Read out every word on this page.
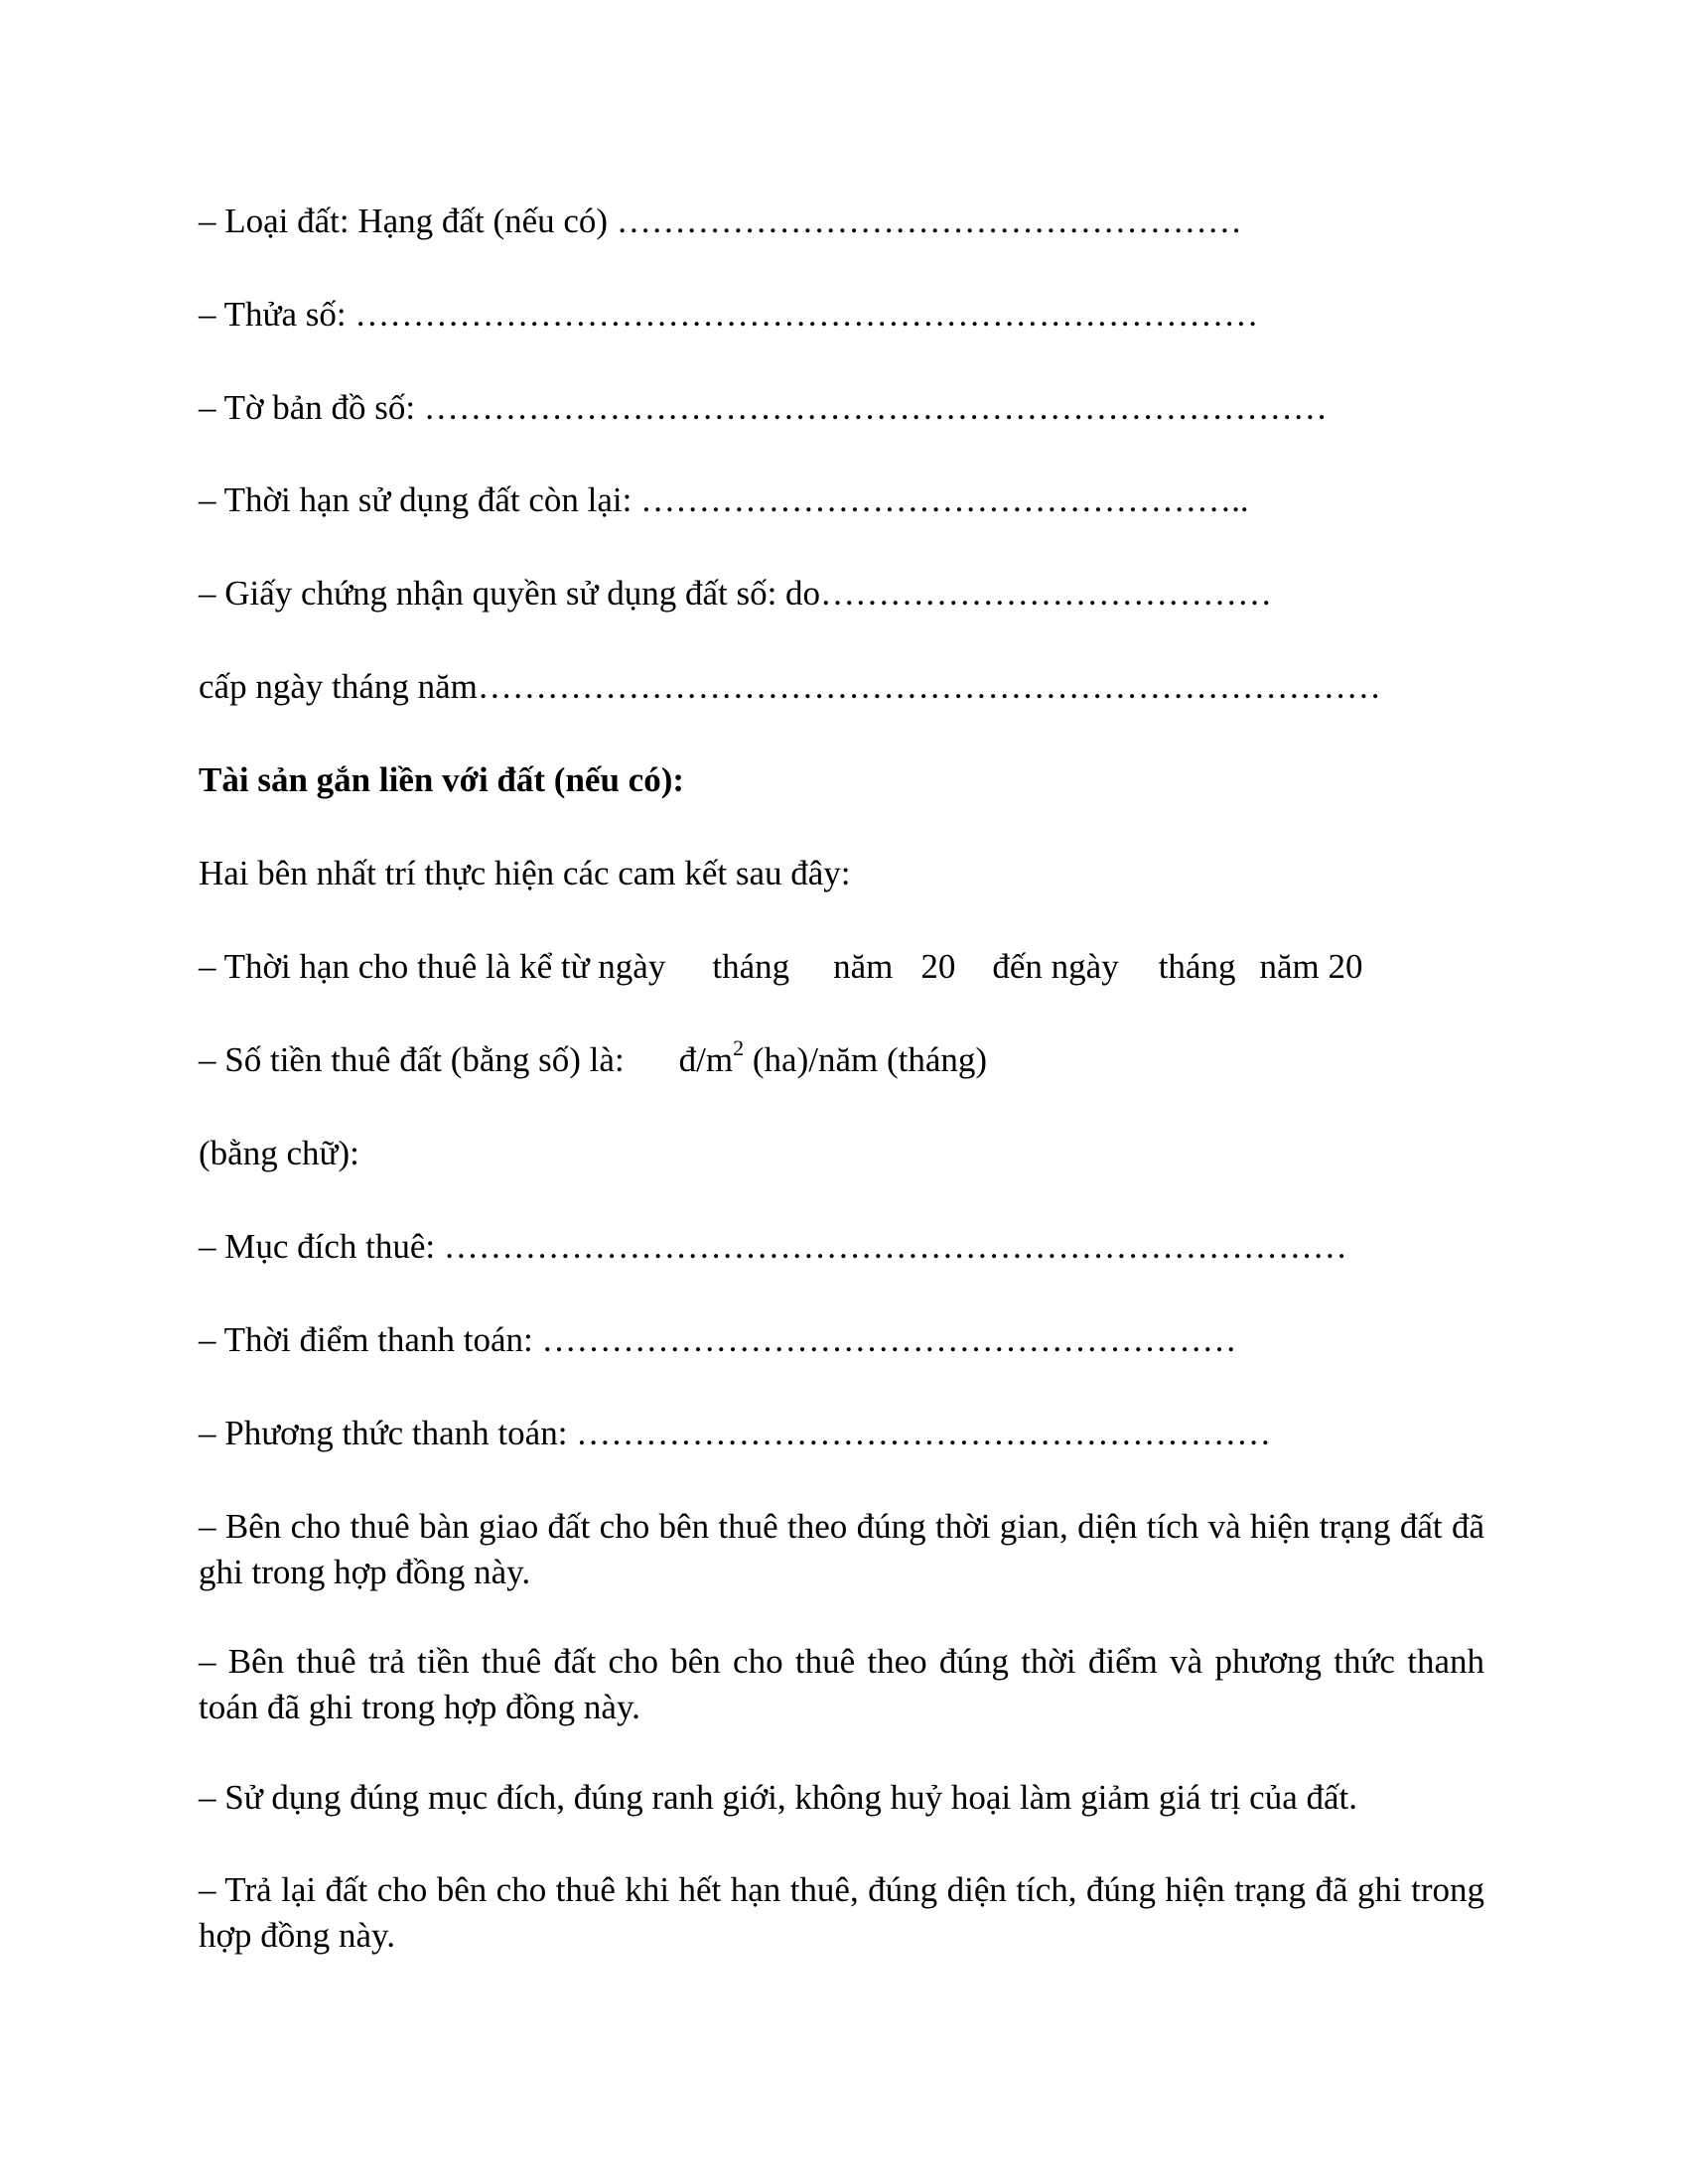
– Loại đất: Hạng đất (nếu có) ………………………………………………

– Thửa số: ……………………………………………………………………

– Tờ bản đồ số: ……………………………………………………………………

– Thời hạn sử dụng đất còn lại: ……………………………………………..

– Giấy chứng nhận quyền sử dụng đất số: do…………………………………

cấp ngày tháng năm……………………………………………………………………

Tài sản gắn liền với đất (nếu có):

Hai bên nhất trí thực hiện các cam kết sau đây:

– Thời hạn cho thuê là kể từ ngày tháng năm 20 đến ngày tháng năm 20

– Số tiền thuê đất (bằng số) là: $đ/m^2$ (ha)/năm (tháng)

(bằng chữ):

– Mục đích thuê: ……………………………………………………………………

– Thời điểm thanh toán: ……………………………………………………

– Phương thức thanh toán: ……………………………………………………

– Bên cho thuê bàn giao đất cho bên thuê theo đúng thời gian, diện tích và hiện trạng đất đã ghi trong hợp đồng này.

– Bên thuê trả tiền thuê đất cho bên cho thuê theo đúng thời điểm và phương thức thanh toán đã ghi trong hợp đồng này.

– Sử dụng đúng mục đích, đúng ranh giới, không huỷ hoại làm giảm giá trị của đất.

– Trả lại đất cho bên cho thuê khi hết hạn thuê, đúng diện tích, đúng hiện trạng đã ghi trong hợp đồng này.
